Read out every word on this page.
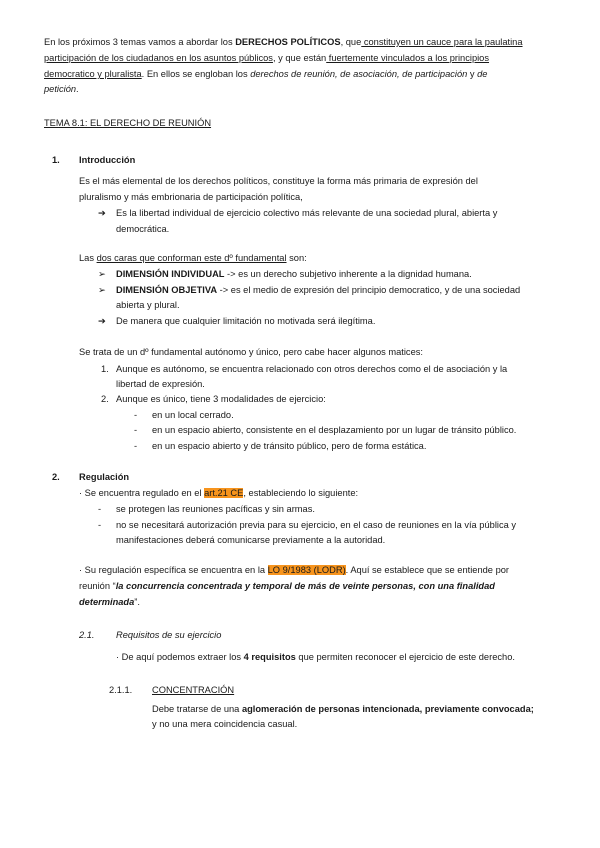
En los próximos 3 temas vamos a abordar los DERECHOS POLÍTICOS, que constituyen un cauce para la paulatina
participación de los ciudadanos en los asuntos públicos, y que están fuertemente vinculados a los principios
democratico y pluralista. En ellos se engloban los derechos de reunión, de asociación, de participación y de
petición.
TEMA 8.1: EL DERECHO DE REUNIÓN
1. Introducción
Es el más elemental de los derechos políticos, constituye la forma más primaria de expresión del
pluralismo y más embrionaria de participación política,
➔ Es la libertad individual de ejercicio colectivo más relevante de una sociedad plural, abierta y
democrática.
Las dos caras que conforman este dº fundamental son:
➢ DIMENSIÓN INDIVIDUAL -> es un derecho subjetivo inherente a la dignidad humana.
➢ DIMENSIÓN OBJETIVA -> es el medio de expresión del principio democratico, y de una sociedad
abierta y plural.
➔ De manera que cualquier limitación no motivada será ilegítima.
Se trata de un dº fundamental autónomo y único, pero cabe hacer algunos matices:
1. Aunque es autónomo, se encuentra relacionado con otros derechos como el de asociación y la
libertad de expresión.
2. Aunque es único, tiene 3 modalidades de ejercicio:
- en un local cerrado.
- en un espacio abierto, consistente en el desplazamiento por un lugar de tránsito público.
- en un espacio abierto y de tránsito público, pero de forma estática.
2. Regulación
· Se encuentra regulado en el art.21 CE, estableciendo lo siguiente:
- se protegen las reuniones pacíficas y sin armas.
- no se necesitará autorización previa para su ejercicio, en el caso de reuniones en la vía pública y
manifestaciones deberá comunicarse previamente a la autoridad.
· Su regulación específica se encuentra en la LO 9/1983 (LODR). Aquí se establece que se entiende por
reunión “la concurrencia concentrada y temporal de más de veinte personas, con una finalidad
determinada”.
2.1. Requisitos de su ejercicio
· De aquí podemos extraer los 4 requisitos que permiten reconocer el ejercicio de este derecho.
2.1.1. CONCENTRACIÓN
Debe tratarse de una aglomeración de personas intencionada, previamente convocada;
y no una mera coincidencia casual.
